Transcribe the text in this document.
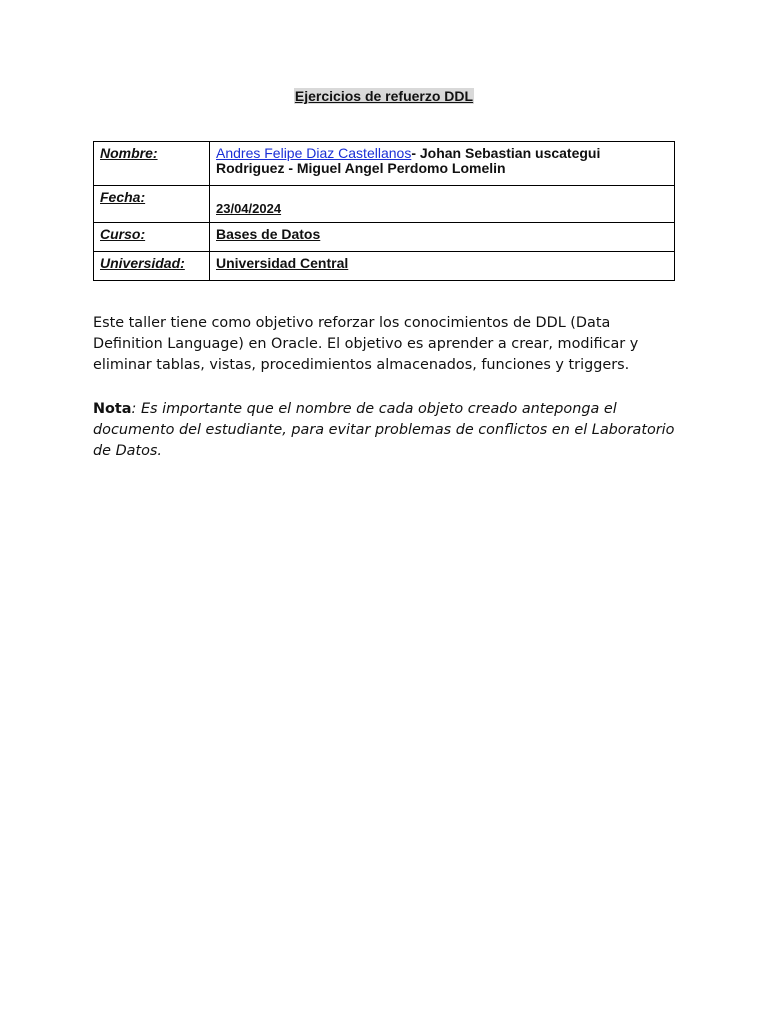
Ejercicios de refuerzo DDL
Nombre:	Andres Felipe Diaz Castellanos- Johan Sebastian uscategui Rodriguez - Miguel Angel Perdomo Lomelin
Fecha:	23/04/2024
Curso:	Bases de Datos
Universidad:	Universidad Central

Este taller tiene como objetivo reforzar los conocimientos de DDL (Data Definition Language) en Oracle. El objetivo es aprender a crear, modificar y eliminar tablas, vistas, procedimientos almacenados, funciones y triggers.

Nota: Es importante que el nombre de cada objeto creado anteponga el documento del estudiante, para evitar problemas de conflictos en el Laboratorio de Datos.
